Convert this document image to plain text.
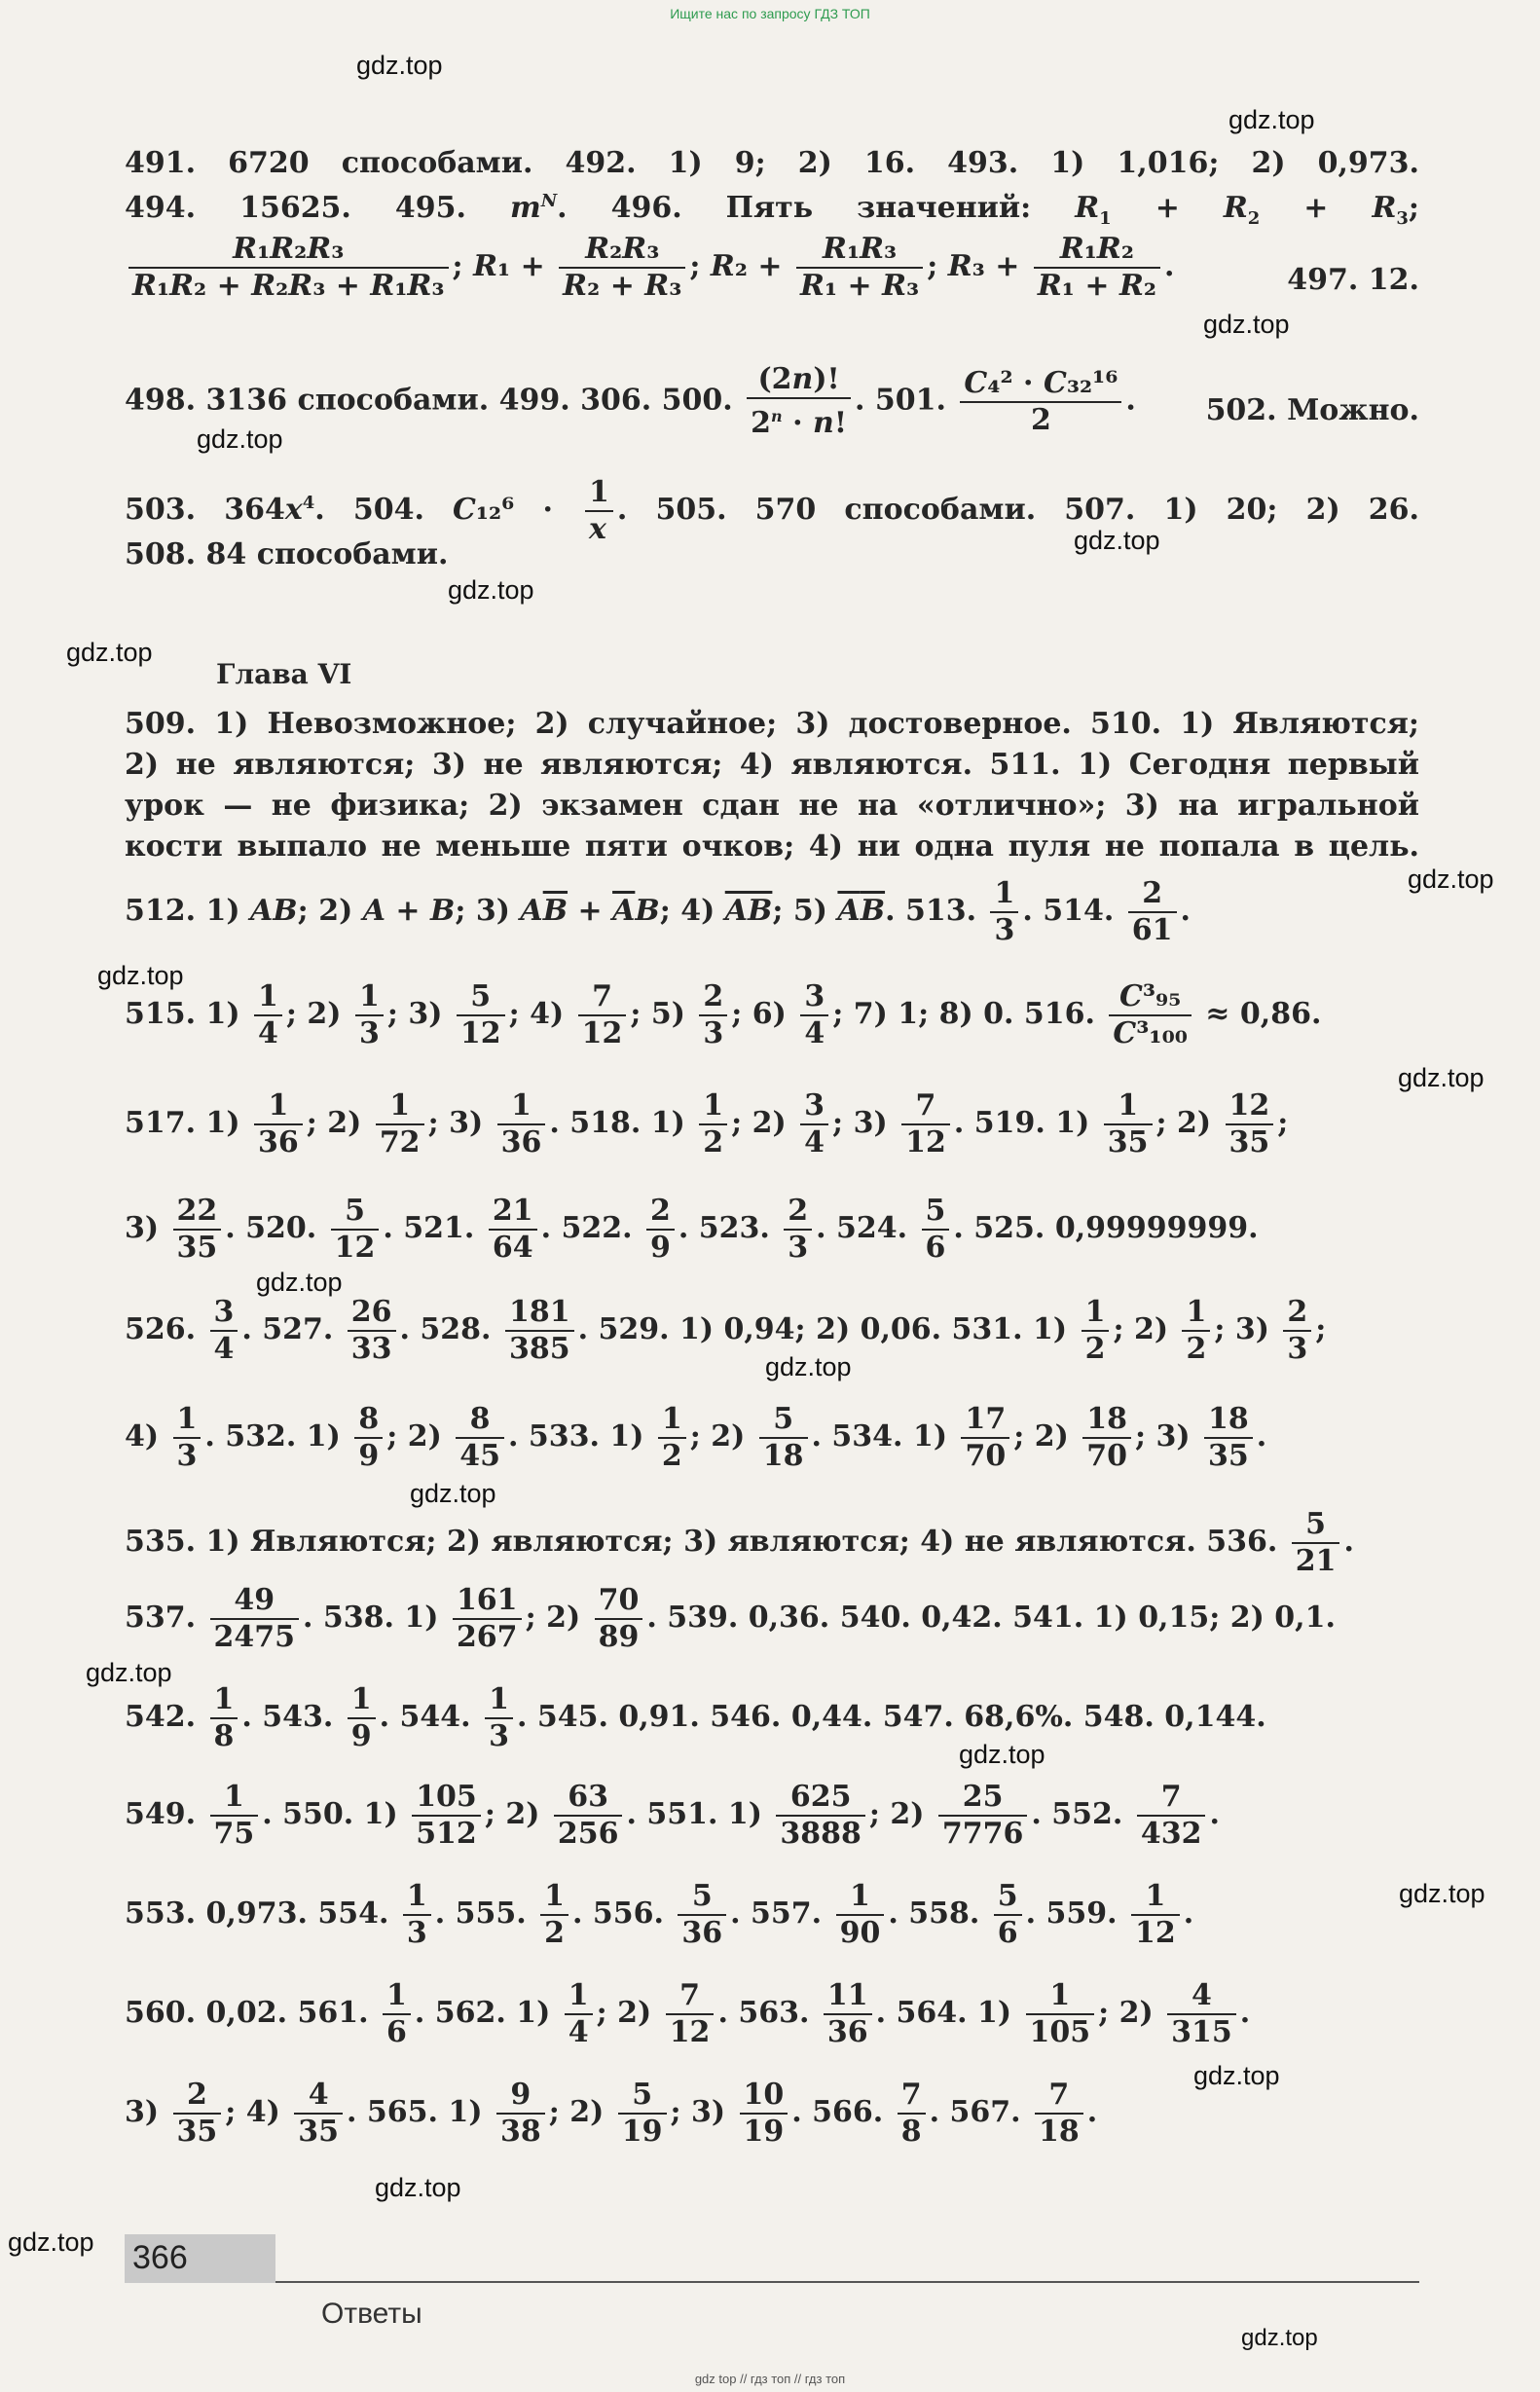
Ищите нас по запросу ГДЗ ТОП
gdz.top
gdz.top
gdz.top
gdz.top
gdz.top
gdz.top
gdz.top
gdz.top
gdz.top
gdz.top
gdz.top
gdz.top
gdz.top
gdz.top
gdz.top
gdz.top
gdz.top
gdz.top
gdz.top
gdz.top
491. 6720 способами. 492. 1) 9; 2) 16. 493. 1) 1,016; 2) 0,973.
494. 15625. 495. $m^N$. 496. Пять значений: $R_1 + R_2 + R_3$;
$\frac{\text{R₁R₂R₃}}{\text{R₁R₂ + R₂R₃ + R₁R₃}}$ ; $R_1 + \frac{\text{R₂R₃}}{\text{R₂ + R₃}}$ ; $R_2 + \frac{\text{R₁R₃}}{\text{R₁ + R₃}}$ ; $R_3 + \frac{\text{R₁R₂}}{\text{R₁ + R₂}}$ .	497. 12.
498. 3136 способами. 499. 306. 500. $\frac{(2n)!}{2^n \cdot n!}$ . 501. $\frac{\text{C₄² · C₃₂¹⁶}}{2}$ . 502. Можно.
503. $364x^4$. 504. $C_{12}^6 \cdot \frac{1}{x}$ . 505. 570 способами. 507. 1) 20; 2) 26.
508. 84 способами.
Глава VI
509. 1) Невозможное; 2) случайное; 3) достоверное. 510. 1) Являются;
2) не являются; 3) не являются; 4) являются. 511. 1) Сегодня первый
урок — не физика; 2) экзамен сдан не на «отлично»; 3) на игральной
кости выпало не меньше пяти очков; 4) ни одна пуля не попала в цель.
512. 1) AB; 2) A + B; 3) $A\overline{B} + \overline{A}B$; 4) $\overline{AB}$; 5) $\overline{A}\overline{B}$. 513. $\frac{1}{3}$ . 514. $\frac{2}{61}$ .
515. $1) \frac{1}{4}$ ; $2) \frac{1}{3}$ ; $3) \frac{5}{12}$ ; $4) \frac{7}{12}$ ; $5) \frac{2}{3}$ ; $6) \frac{3}{4}$ ; 7) 1; 8) 0. 516. $\frac{\text{C³₉₅}}{\text{C³₁₀₀}} \approx 0,86$.
517. $1) \frac{1}{36}$ ; $2) \frac{1}{72}$ ; $3) \frac{1}{36}$ . 518. $1) \frac{1}{2}$ ; $2) \frac{3}{4}$ ; $3) \frac{7}{12}$ . 519. $1) \frac{1}{35}$ ; $2) \frac{12}{35}$ ;
$3) \frac{22}{35}$ . 520. $\frac{5}{12}$ . 521. $\frac{21}{64}$ . 522. $\frac{2}{9}$ . 523. $\frac{2}{3}$ . 524. $\frac{5}{6}$ . 525. 0,99999999.
526. $\frac{3}{4}$ . 527. $\frac{26}{33}$ . 528. $\frac{181}{385}$ . 529. 1) 0,94; 2) 0,06. 531. $1) \frac{1}{2}$ ; $2) \frac{1}{2}$ ; $3) \frac{2}{3}$ ;
$4) \frac{1}{3}$ . 532. $1) \frac{8}{9}$ ; $2) \frac{8}{45}$ . 533. $1) \frac{1}{2}$ ; $2) \frac{5}{18}$ . 534. $1) \frac{17}{70}$ ; $2) \frac{18}{70}$ ; $3) \frac{18}{35}$ .
535. 1) Являются; 2) являются; 3) являются; 4) не являются. 536. $\frac{5}{21}$ .
537. $\frac{49}{2475}$ . 538. $1) \frac{161}{267}$ ; $2) \frac{70}{89}$ . 539. 0,36. 540. 0,42. 541. 1) 0,15; 2) 0,1.
542. $\frac{1}{8}$ . 543. $\frac{1}{9}$ . 544. $\frac{1}{3}$ . 545. 0,91. 546. 0,44. 547. 68,6%. 548. 0,144.
549. $\frac{1}{75}$ . 550. $1) \frac{105}{512}$ ; $2) \frac{63}{256}$ . 551. $1) \frac{625}{3888}$ ; $2) \frac{25}{7776}$ . 552. $\frac{7}{432}$ .
553. 0,973. 554. $\frac{1}{3}$ . 555. $\frac{1}{2}$ . 556. $\frac{5}{36}$ . 557. $\frac{1}{90}$ . 558. $\frac{5}{6}$ . 559. $\frac{1}{12}$ .
560. 0,02. 561. $\frac{1}{6}$ . 562. $1) \frac{1}{4}$ ; $2) \frac{7}{12}$ . 563. $\frac{11}{36}$ . 564. $1) \frac{1}{105}$ ; $2) \frac{4}{315}$ .
$3) \frac{2}{35}$ ; $4) \frac{4}{35}$ . 565. $1) \frac{9}{38}$ ; $2) \frac{5}{19}$ ; $3) \frac{10}{19}$ . 566. $\frac{7}{8}$ . 567. $\frac{7}{18}$ .
366
Ответы
gdz top // гдз топ // гдз топ
